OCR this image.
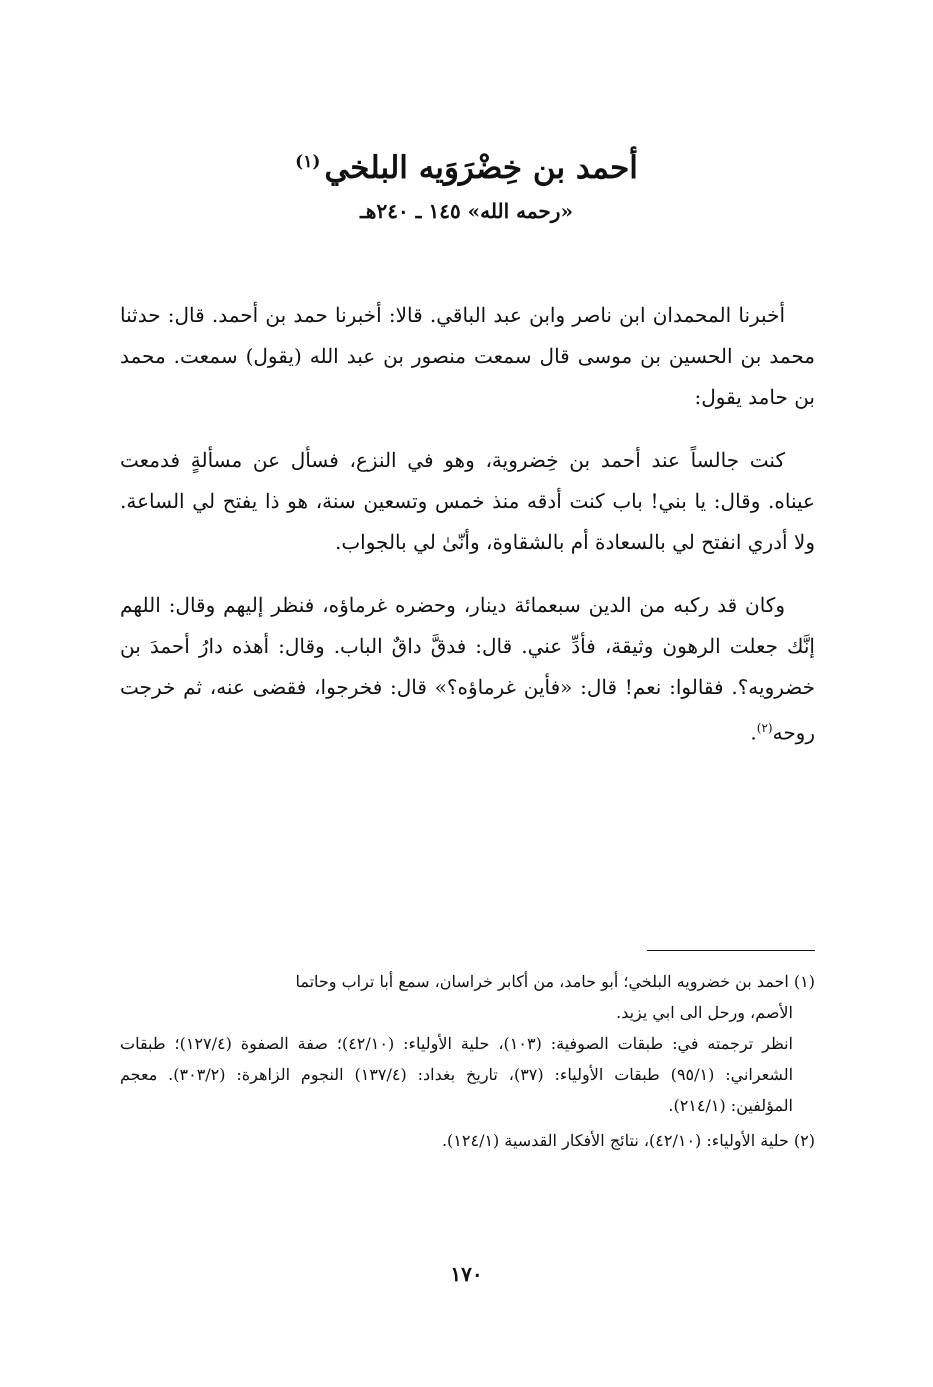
أحمد بن خِضْرَوَيه البلخي$^{(١)}$
«رحمه الله» ١٤٥ ـ ٢٤٠هـ

أخبرنا المحمدان ابن ناصر وابن عبد الباقي. قالا: أخبرنا حمد بن أحمد. قال: حدثنا محمد بن الحسين بن موسى قال سمعت منصور بن عبد الله (يقول) سمعت. محمد بن حامد يقول:

كنت جالساً عند أحمد بن خِضروية، وهو في النزع، فسأل عن مسألةٍ فدمعت عيناه. وقال: يا بني! باب كنت أدقه منذ خمس وتسعين سنة، هو ذا يفتح لي الساعة. ولا أدري انفتح لي بالسعادة أم بالشقاوة، وأنّىٰ لي بالجواب.

وكان قد ركبه من الدين سبعمائة دينار، وحضره غرماؤه، فنظر إليهم وقال: اللهم إنَّك جعلت الرهون وثيقة، فأدِّ عني. قال: فدقَّ داقٌ الباب. وقال: أهذه دارُ أحمدَ بن خضرويه؟. فقالوا: نعم! قال: «فأين غرماؤه؟» قال: فخرجوا، فقضى عنه، ثم خرجت روحه$^{(٢)}$.

(١) احمد بن خضرويه البلخي؛ أبو حامد، من أكابر خراسان، سمع أبا تراب وحاتما

الأصم، ورحل الى ابي يزيد.

انظر ترجمته في: طبقات الصوفية: (١٠٣)، حلية الأولياء: (٤٢/١٠)؛ صفة الصفوة (١٢٧/٤)؛ طبقات الشعراني: (٩٥/١) طبقات الأولياء: (٣٧)، تاريخ بغداد: (١٣٧/٤) النجوم الزاهرة: (٣٠٣/٢). معجم المؤلفين: (٢١٤/١).

(٢) حلية الأولياء: (٤٢/١٠)، نتائج الأفكار القدسية (١٢٤/١).

١٧٠
